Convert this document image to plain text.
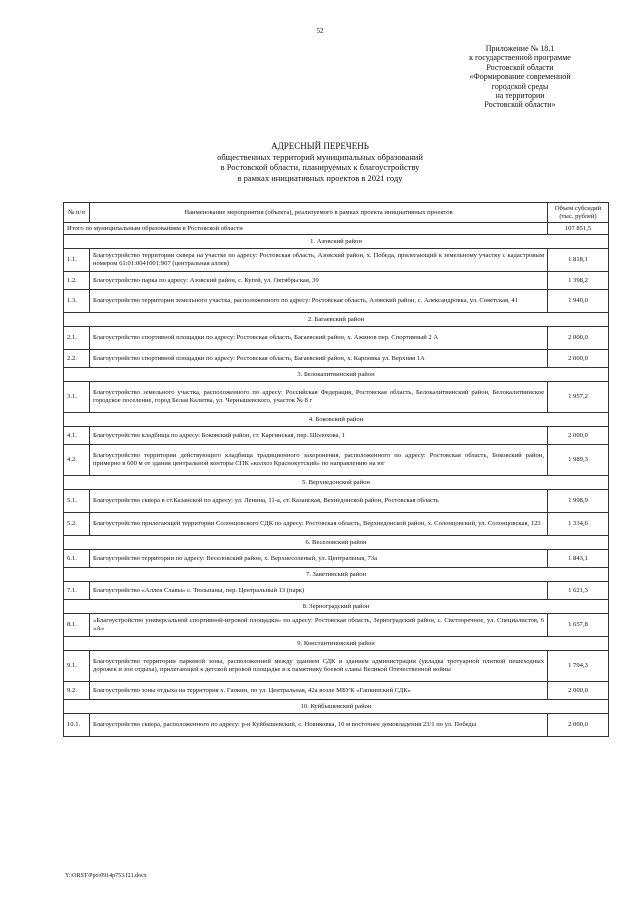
52
Приложение № 18.1
к государственной программе
Ростовской области
«Формирование современной
городской среды
на территории
Ростовской области»
АДРЕСНЫЙ ПЕРЕЧЕНЬ
общественных территорий муниципальных образований
в Ростовской области, планируемых к благоустройству
в рамках инициативных проектов в 2021 году
№ п/п	Наименование мероприятия (объекта), реализуемого в рамках проекта инициативных проектов	Объем субсидий (тыс. рублей)
Итого по муниципальным образованиям в Ростовской области		107 851,5
1. Азовский район		
1.1.	Благоустройство территории сквера на участке по адресу: Ростовская область, Азовский район, х. Победа, прилегающий к земельному участку с кадастровым номером 61:01:0041001:907 (центральная аллея)	1 818,1
1.2.	Благоустройство парка по адресу: Азовский район, с. Кугей, ул. Октябрьская, 39	1 398,2
1.3.	Благоустройство территории земельного участка, расположенного по адресу: Ростовская область, Азовский район, с. Александровка, ул. Советская, 41	1 940,0
2. Багаевский район		
2.1.	Благоустройство спортивной площадки по адресу: Ростовская область, Багаевский район, х. Ажинов пер. Спортивный 2 А	2 000,0
2.2.	Благоустройство спортивной площадки по адресу: Ростовская область, Багаевский район, х. Карповка ул. Верхняя 1А	2 000,0
3. Белокалитвинский район		
3.1.	Благоустройство земельного участка, расположенного по адресу: Российская Федерация, Ростовская область, Белокалитвинский район, Белокалитвинское городское поселение, город Белая Калитва, ул. Чернышевского, участок № 8 г	1 957,2
4. Боковский район		
4.1.	Благоустройство кладбища по адресу: Боковский район, ст. Каргинская, пер. Шолохова, 1	2 000,0
4.2.	Благоустройство территории действующего кладбища традиционного захоронения, расположенного по адресу: Ростовская область, Боковский район, примерно в 600 м от здания центральной конторы СПК «колхоз Краснокутский» по направлению на юг	1 989,3
5. Верхнедонской район		
5.1.	Благоустройство сквера в ст.Казанской по адресу: ул. Ленина, 11-а, ст. Казанская, Вехнедонской район, Ростовская область	1 998,9
5.2.	Благоустройство прилегающей территории Солонцовского СДК по адресу: Ростовская область, Верхнедонской район, х. Солонцовский, ул. Солонцовская, 123	1 334,6
6. Веселовский район		
6.1.	Благоустройство территории по адресу: Веселовский район, х. Верхнесоленый, ул. Центральная, 73а	1 843,1
7. Заветинский район		
7.1.	Благоустройство «Аллея Славы» с. Тюльпаны, пер. Центральный 13 (парк)	1 621,3
8. Зерноградский район		
8.1.	«Благоустройство универсальной спортивной-игровой площадки» по адресу: Ростовская область, Зерноградский район, с. Светлоречное, ул. Специалистов, 6 «А»	1 657,8
9. Константиновский район		
9.1.	Благоустройство территории парковой зоны, расположенной между зданием СДК и зданием администрации (укладка тротуарной плиткой пешеходных дорожек и зон отдыха), прилегающей к детской игровой площадке и к памятнику боевой славы Великой Отечественной войны	1 794,3
9.2.	Благоустройство зоны отдыха на территория х. Гапкин, по ул. Центральная, 42а возле МБУК «Гапкинский СДК»	2 000,0
10. Куйбышевский район		
10.1.	Благоустройство сквера, расположенного по адресу: р-н Куйбышевский, с. Новиковка, 10 м восточнее домовладения 23/1 по ул. Победы	2 000,0
Y:\ORST\Ppo\0914p753.f21.docx
